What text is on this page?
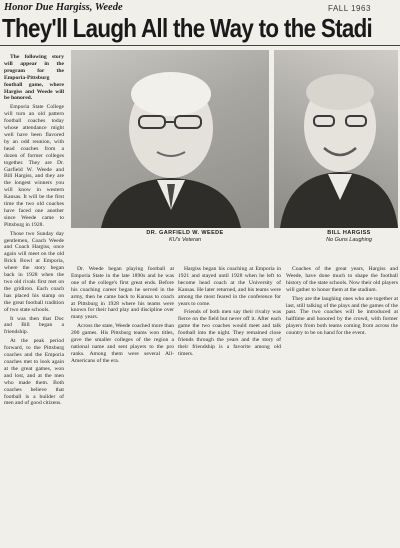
Honor Due Hargiss, Weede	FALL 1963
They'll Laugh All the Way to the Stadi

The following story will appear in the program for the Emporia-Pittsburg football game, where Hargiss and Weede will be honored.

Emporia State College will turn an old pattern football coaches today whose attendance might well have been flavored by an odd reunion, with head coaches from a dozen of former colleges together. They are Dr. Garfield W. Weede and Bill Hargiss, and they are the longest winners you will know in western Kansas. It will be the first time the two old coaches have faced one another since Weede came to Pittsburg in 1928.

Those two Sunday day gentlemen, Coach Weede and Coach Hargiss, once again will meet on the old Brick Bowl at Emporia, where the story began back in 1928 when the two old rivals first met on the gridiron. Each coach has placed his stamp on the great football tradition of two state schools.

It was then that Doc and Bill began a friendship.

At the peak period forward, to the Pittsburg coaches and the Emporia coaches met to look again at the great games, won and lost, and at the men who made them. Both coaches believe that football is a builder of men and of good citizens.

DR. GARFIELD W. WEEDE
KU's Veteran
BILL HARGISS
No Guns Laughing

Dr. Weede began playing football at Emporia State in the late 1890s and he was one of the college's first great ends. Before his coaching career began he served in the army, then he came back to Kansas to coach at Pittsburg in 1928 where his teams were known for their hard play and discipline over many years.

Across the state, Weede coached more than 200 games. His Pittsburg teams won titles, gave the smaller colleges of the region a national name and sent players to the pro ranks. Among them were several All-Americans of the era.

Hargiss began his coaching at Emporia in 1921 and stayed until 1928 when he left to become head coach at the University of Kansas. He later returned, and his teams were among the most feared in the conference for years to come.

Friends of both men say their rivalry was fierce on the field but never off it. After each game the two coaches would meet and talk football into the night. They remained close friends through the years and the story of their friendship is a favorite among old timers.

Coaches of the great years, Hargiss and Weede, have done much to shape the football history of the state schools. Now their old players will gather to honor them at the stadium.

They are the laughing ones who are together at last, still talking of the plays and the games of the past. The two coaches will be introduced at halftime and honored by the crowd, with former players from both teams coming from across the country to be on hand for the event.
